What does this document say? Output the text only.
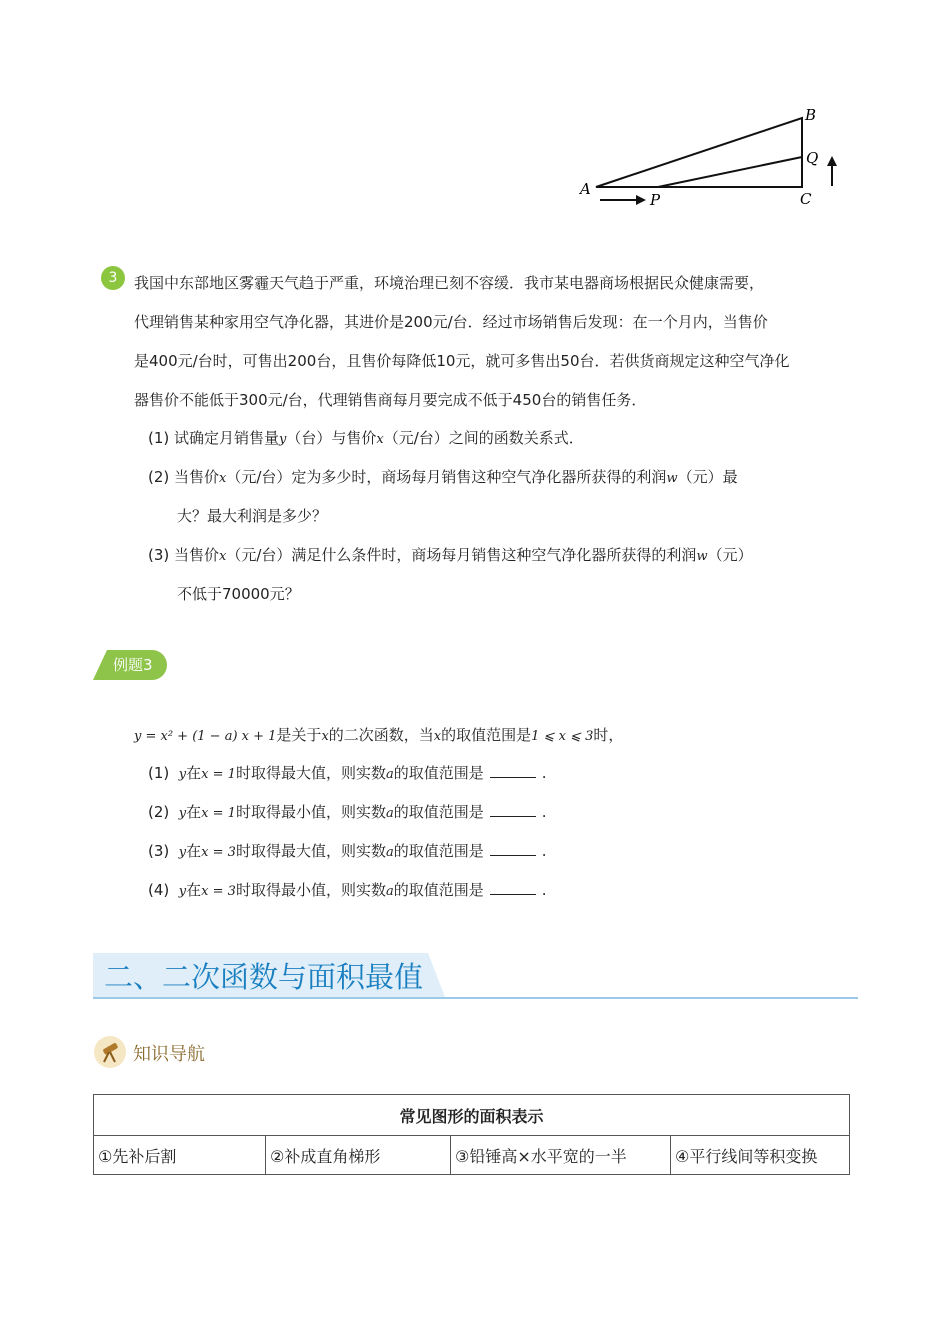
A
B
C
P
Q
3	我国中东部地区雾霾天气趋于严重，环境治理已刻不容缓．我市某电器商场根据民众健康需要，
代理销售某种家用空气净化器，其进价是200元/台．经过市场销售后发现：在一个月内，当售价
是400元/台时，可售出200台，且售价每降低10元，就可多售出50台．若供货商规定这种空气净化
器售价不能低于300元/台，代理销售商每月要完成不低于450台的销售任务．
(1) 试确定月销售量y（台）与售价x（元/台）之间的函数关系式．
(2) 当售价x（元/台）定为多少时，商场每月销售这种空气净化器所获得的利润w（元）最
大？最大利润是多少？
(3) 当售价x（元/台）满足什么条件时，商场每月销售这种空气净化器所获得的利润w（元）
不低于70000元？
例题3
y = x² + (1 − a) x + 1是关于x的二次函数，当x的取值范围是1 ⩽ x ⩽ 3时，
(1) y在x = 1时取得最大值，则实数a的取值范围是	.
(2) y在x = 1时取得最小值，则实数a的取值范围是	.
(3) y在x = 3时取得最大值，则实数a的取值范围是	.
(4) y在x = 3时取得最小值，则实数a的取值范围是	.
二、二次函数与面积最值
知识导航
常见图形的面积表示
①先补后割	②补成直角梯形	③铅锤高×水平宽的一半	④平行线间等积变换
